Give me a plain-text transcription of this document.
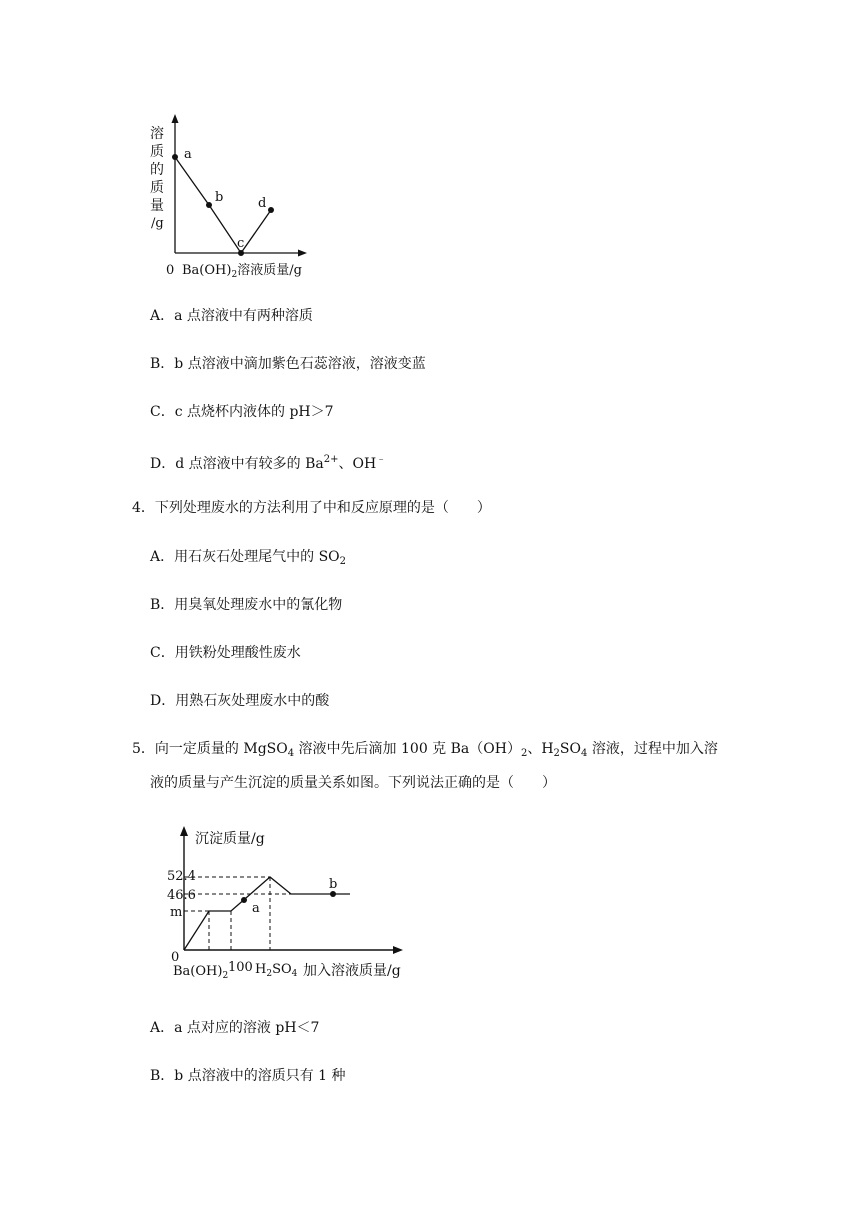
溶
质
的
质
量
/g
a
b
c
d
0 $Ba(OH)_2$溶液质量/g
A．a 点溶液中有两种溶质
B．b 点溶液中滴加紫色石蕊溶液，溶液变蓝
C．c 点烧杯内液体的 pH＞7
D．d 点溶液中有较多的 $Ba^{2+}$、OH﹣
4．下列处理废水的方法利用了中和反应原理的是（　　）
A．用石灰石处理尾气中的 $SO_2$
B．用臭氧处理废水中的氰化物
C．用铁粉处理酸性废水
D．用熟石灰处理废水中的酸
5．向一定质量的 MgSO$_4$ 溶液中先后滴加 100 克 $Ba(OH)_2$、$H_2SO_4$ 溶液，过程中加入溶
液的质量与产生沉淀的质量关系如图。下列说法正确的是（　　）
沉淀质量/g
52.4
46.6
m	a
b
0
$Ba(OH)_2$
100 $H_2SO_4$ 加入溶液质量/g
A．a 点对应的溶液 pH＜7
B．b 点溶液中的溶质只有 1 种
